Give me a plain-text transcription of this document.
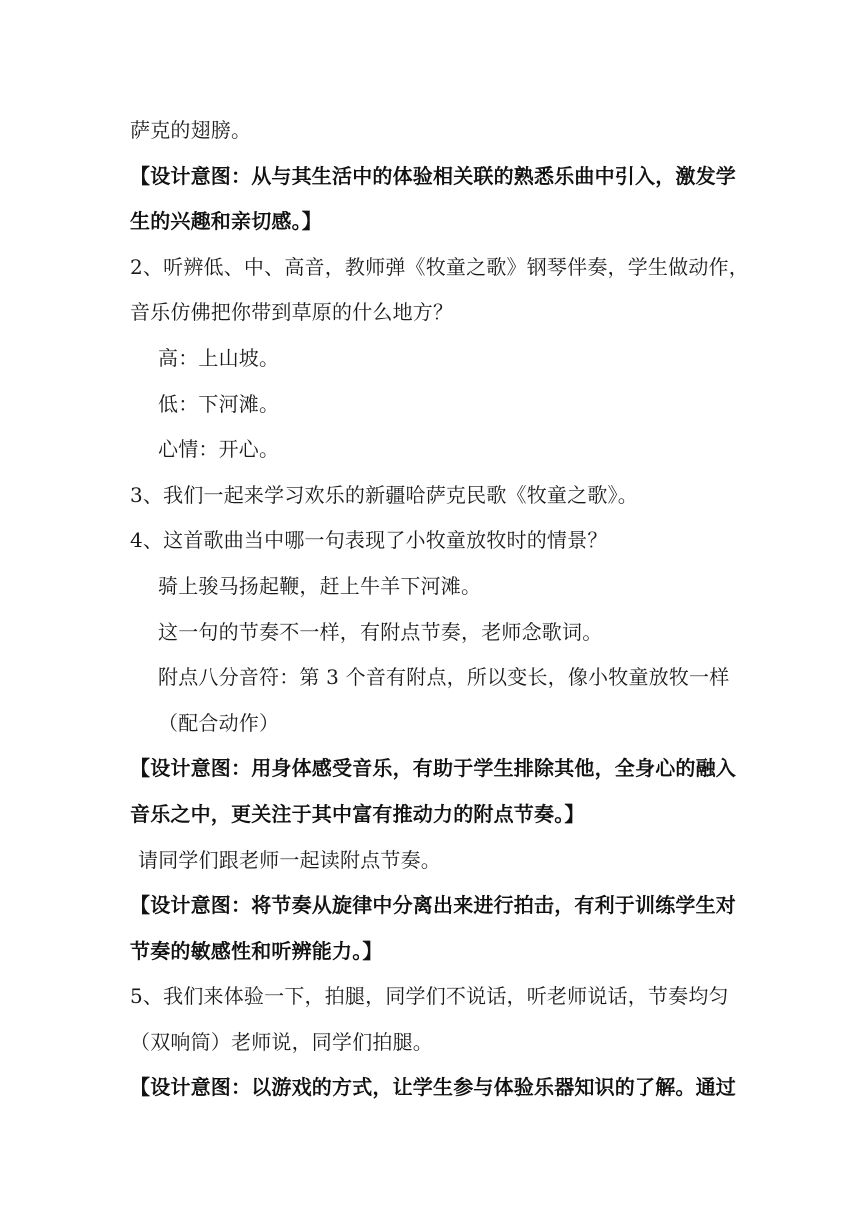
萨克的翅膀。
【设计意图：从与其生活中的体验相关联的熟悉乐曲中引入，激发学
生的兴趣和亲切感。】
2、听辨低、中、高音，教师弹《牧童之歌》钢琴伴奏，学生做动作，
音乐仿佛把你带到草原的什么地方？
高：上山坡。
低：下河滩。
心情：开心。
3、我们一起来学习欢乐的新疆哈萨克民歌《牧童之歌》。
4、这首歌曲当中哪一句表现了小牧童放牧时的情景？
骑上骏马扬起鞭，赶上牛羊下河滩。
这一句的节奏不一样，有附点节奏，老师念歌词。
附点八分音符：第 3 个音有附点，所以变长，像小牧童放牧一样
（配合动作）
【设计意图：用身体感受音乐，有助于学生排除其他，全身心的融入
音乐之中，更关注于其中富有推动力的附点节奏。】
请同学们跟老师一起读附点节奏。
【设计意图：将节奏从旋律中分离出来进行拍击，有利于训练学生对
节奏的敏感性和听辨能力。】
5、我们来体验一下，拍腿，同学们不说话，听老师说话，节奏均匀
（双响筒）老师说，同学们拍腿。
【设计意图：以游戏的方式，让学生参与体验乐器知识的了解。通过
